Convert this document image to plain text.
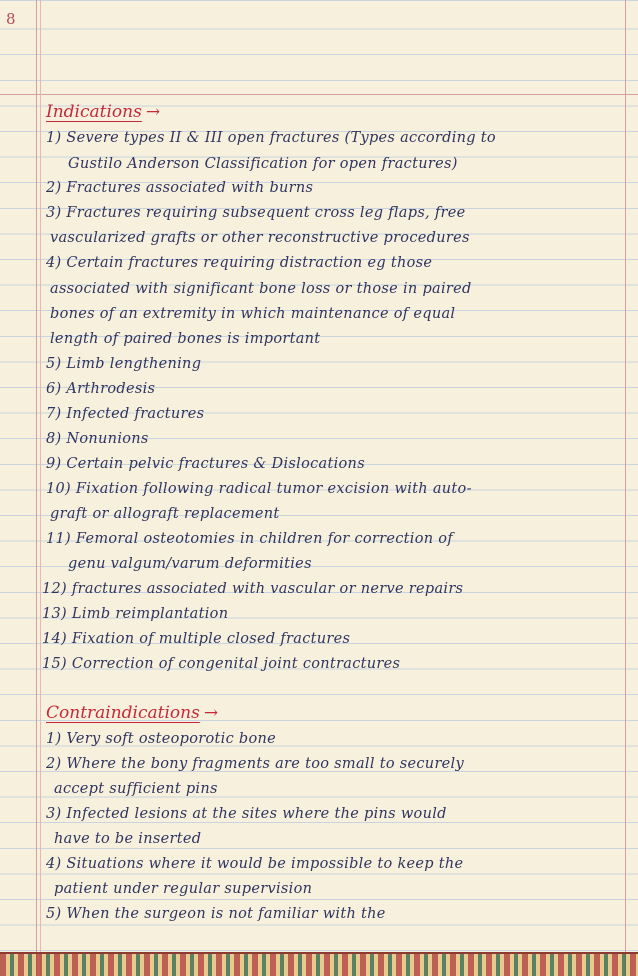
8
Indications →
1) Severe types II & III open fractures (Types according to
Gustilo Anderson Classification for open fractures)
2) Fractures associated with burns
3) Fractures requiring subsequent cross leg flaps, free
vascularized grafts or other reconstructive procedures
4) Certain fractures requiring distraction eg those
associated with significant bone loss or those in paired
bones of an extremity in which maintenance of equal
length of paired bones is important
5) Limb lengthening
6) Arthrodesis
7) Infected fractures
8) Nonunions
9) Certain pelvic fractures & Dislocations
10) Fixation following radical tumor excision with auto-
graft or allograft replacement
11) Femoral osteotomies in children for correction of
genu valgum/varum deformities
12) fractures associated with vascular or nerve repairs
13) Limb reimplantation
14) Fixation of multiple closed fractures
15) Correction of congenital joint contractures
Contraindications →
1) Very soft osteoporotic bone
2) Where the bony fragments are too small to securely
accept sufficient pins
3) Infected lesions at the sites where the pins would
have to be inserted
4) Situations where it would be impossible to keep the
patient under regular supervision
5) When the surgeon is not familiar with the
